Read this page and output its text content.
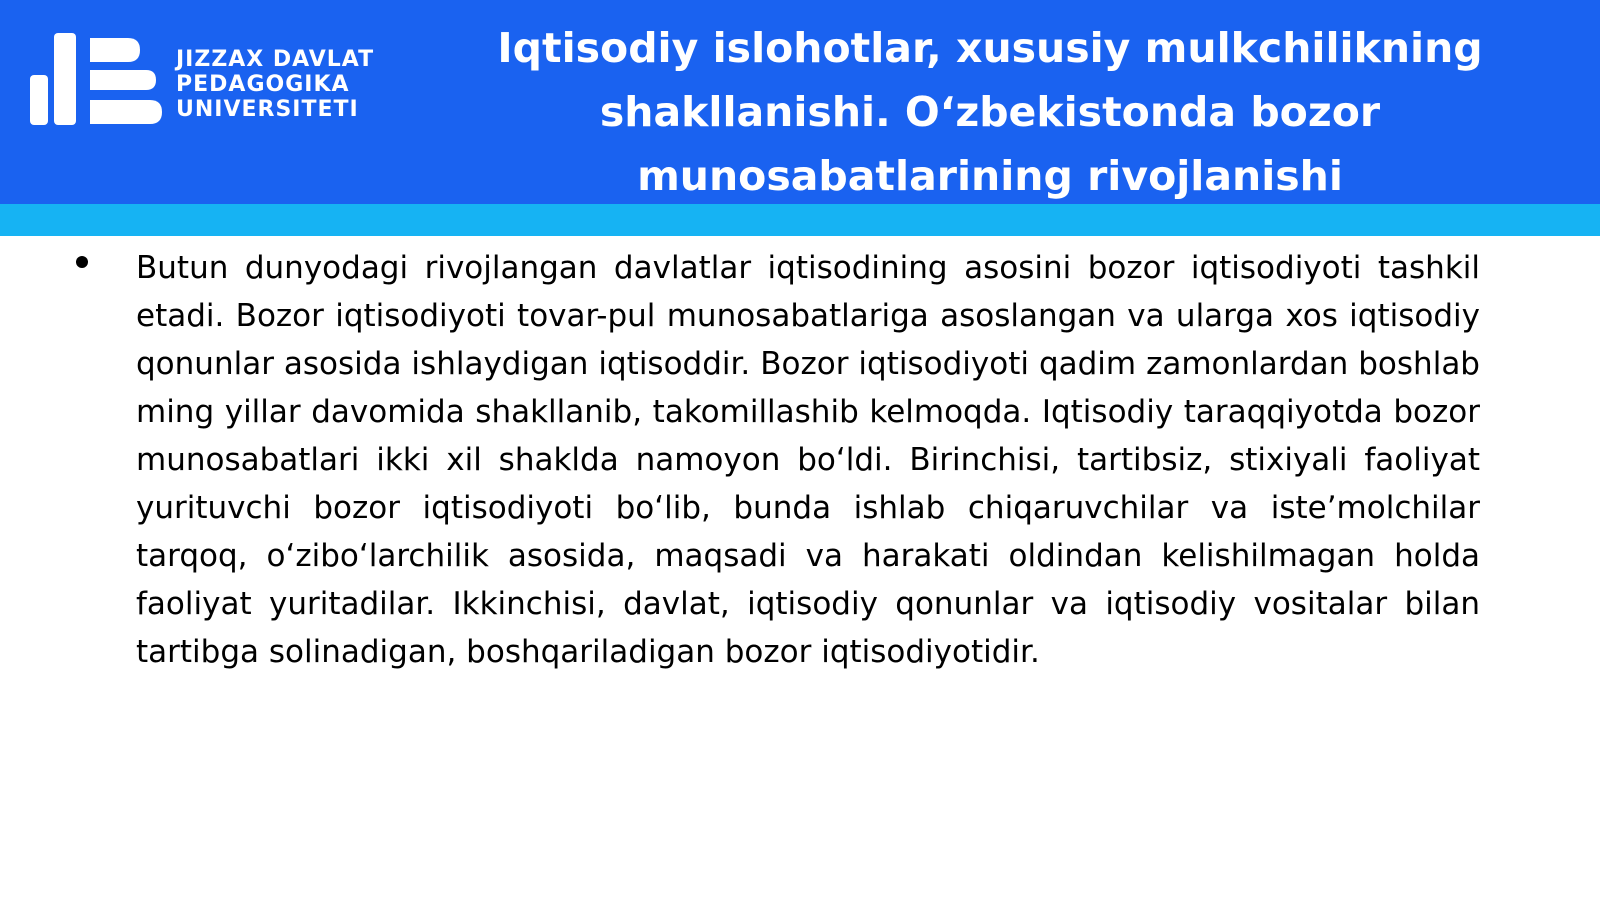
JIZZAX DAVLAT
PEDAGOGIKA
UNIVERSITETI
Iqtisodiy islohotlar, xususiy mulkchilikning shakllanishi. O‘zbekistonda bozor munosabatlarining rivojlanishi

Butun dunyodagi rivojlangan davlatlar iqtisodining asosini bozor iqtisodiyoti tashkil etadi. Bozor iqtisodiyoti tovar-pul munosabatlariga asoslangan va ularga xos iqtisodiy qonunlar asosida ishlaydigan iqtisoddir. Bozor iqtisodiyoti qadim zamonlardan boshlab ming yillar davomida shakllanib, takomillashib kelmoqda. Iqtisodiy taraqqiyotda bozor munosabatlari ikki xil shaklda namoyon bo‘ldi. Birinchisi, tartibsiz, stixiyali faoliyat yurituvchi bozor iqtisodiyoti bo‘lib, bunda ishlab chiqaruvchilar va iste’molchilar tarqoq, o‘zibo‘larchilik asosida, maqsadi va harakati oldindan kelishilmagan holda faoliyat yuritadilar. Ikkinchisi, davlat, iqtisodiy qonunlar va iqtisodiy vositalar bilan tartibga solinadigan, boshqariladigan bozor iqtisodiyotidir.
